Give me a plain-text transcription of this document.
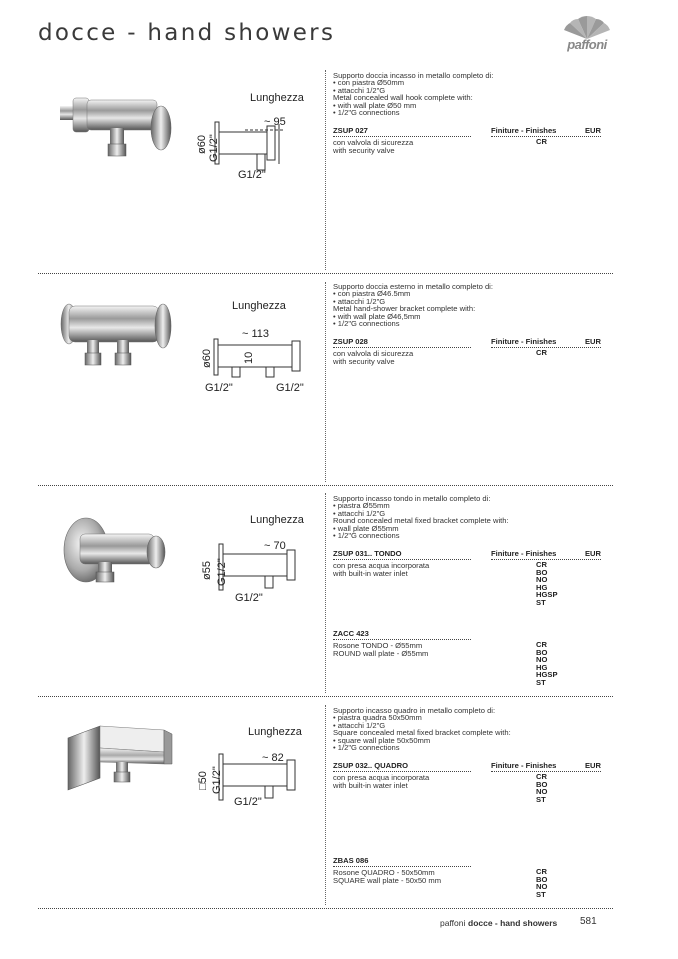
docce - hand showers	paffoni
Lunghezza
~ 95
ø60 G1/2"
G1/2"
Supporto doccia incasso in metallo completo di:
• con piastra Ø50mm
• attacchi 1/2"G
Metal concealed wall hook complete with:
• with wall plate Ø50 mm
• 1/2"G connections
ZSUP 027	Finiture - Finishes	EUR
con valvola di sicurezza
with security valve
CR
Lunghezza
~ 113
ø60	10
G1/2"	G1/2"
Supporto doccia esterno in metallo completo di:
• con piastra Ø46.5mm
• attacchi 1/2"G
Metal hand-shower bracket complete with:
• with wall plate Ø46,5mm
• 1/2"G connections
ZSUP 028	Finiture - Finishes	EUR
con valvola di sicurezza
with security valve
CR
Lunghezza
~ 70
ø55 G1/2"
G1/2"
Supporto incasso tondo in metallo completo di:
• piastra Ø55mm
• attacchi 1/2"G
Round concealed metal fixed bracket complete with:
• wall plate Ø55mm
• 1/2"G connections
ZSUP 031.. TONDO	Finiture - Finishes	EUR
con presa acqua incorporata
with built-in water inlet
CR
BO
NO
HG
HGSP
ST
ZACC 423
Rosone TONDO - Ø55mm
ROUND wall plate - Ø55mm
CR
BO
NO
HG
HGSP
ST
Lunghezza
~ 82
□50 G1/2"
G1/2"
Supporto incasso quadro in metallo completo di:
• piastra quadra 50x50mm
• attacchi 1/2"G
Square concealed metal fixed bracket complete with:
• square wall plate 50x50mm
• 1/2"G connections
ZSUP 032.. QUADRO	Finiture - Finishes	EUR
con presa acqua incorporata
with built-in water inlet
CR
BO
NO
ST
ZBAS 086
Rosone QUADRO - 50x50mm
SQUARE wall plate - 50x50 mm
CR
BO
NO
ST
paffoni docce - hand showers 581
